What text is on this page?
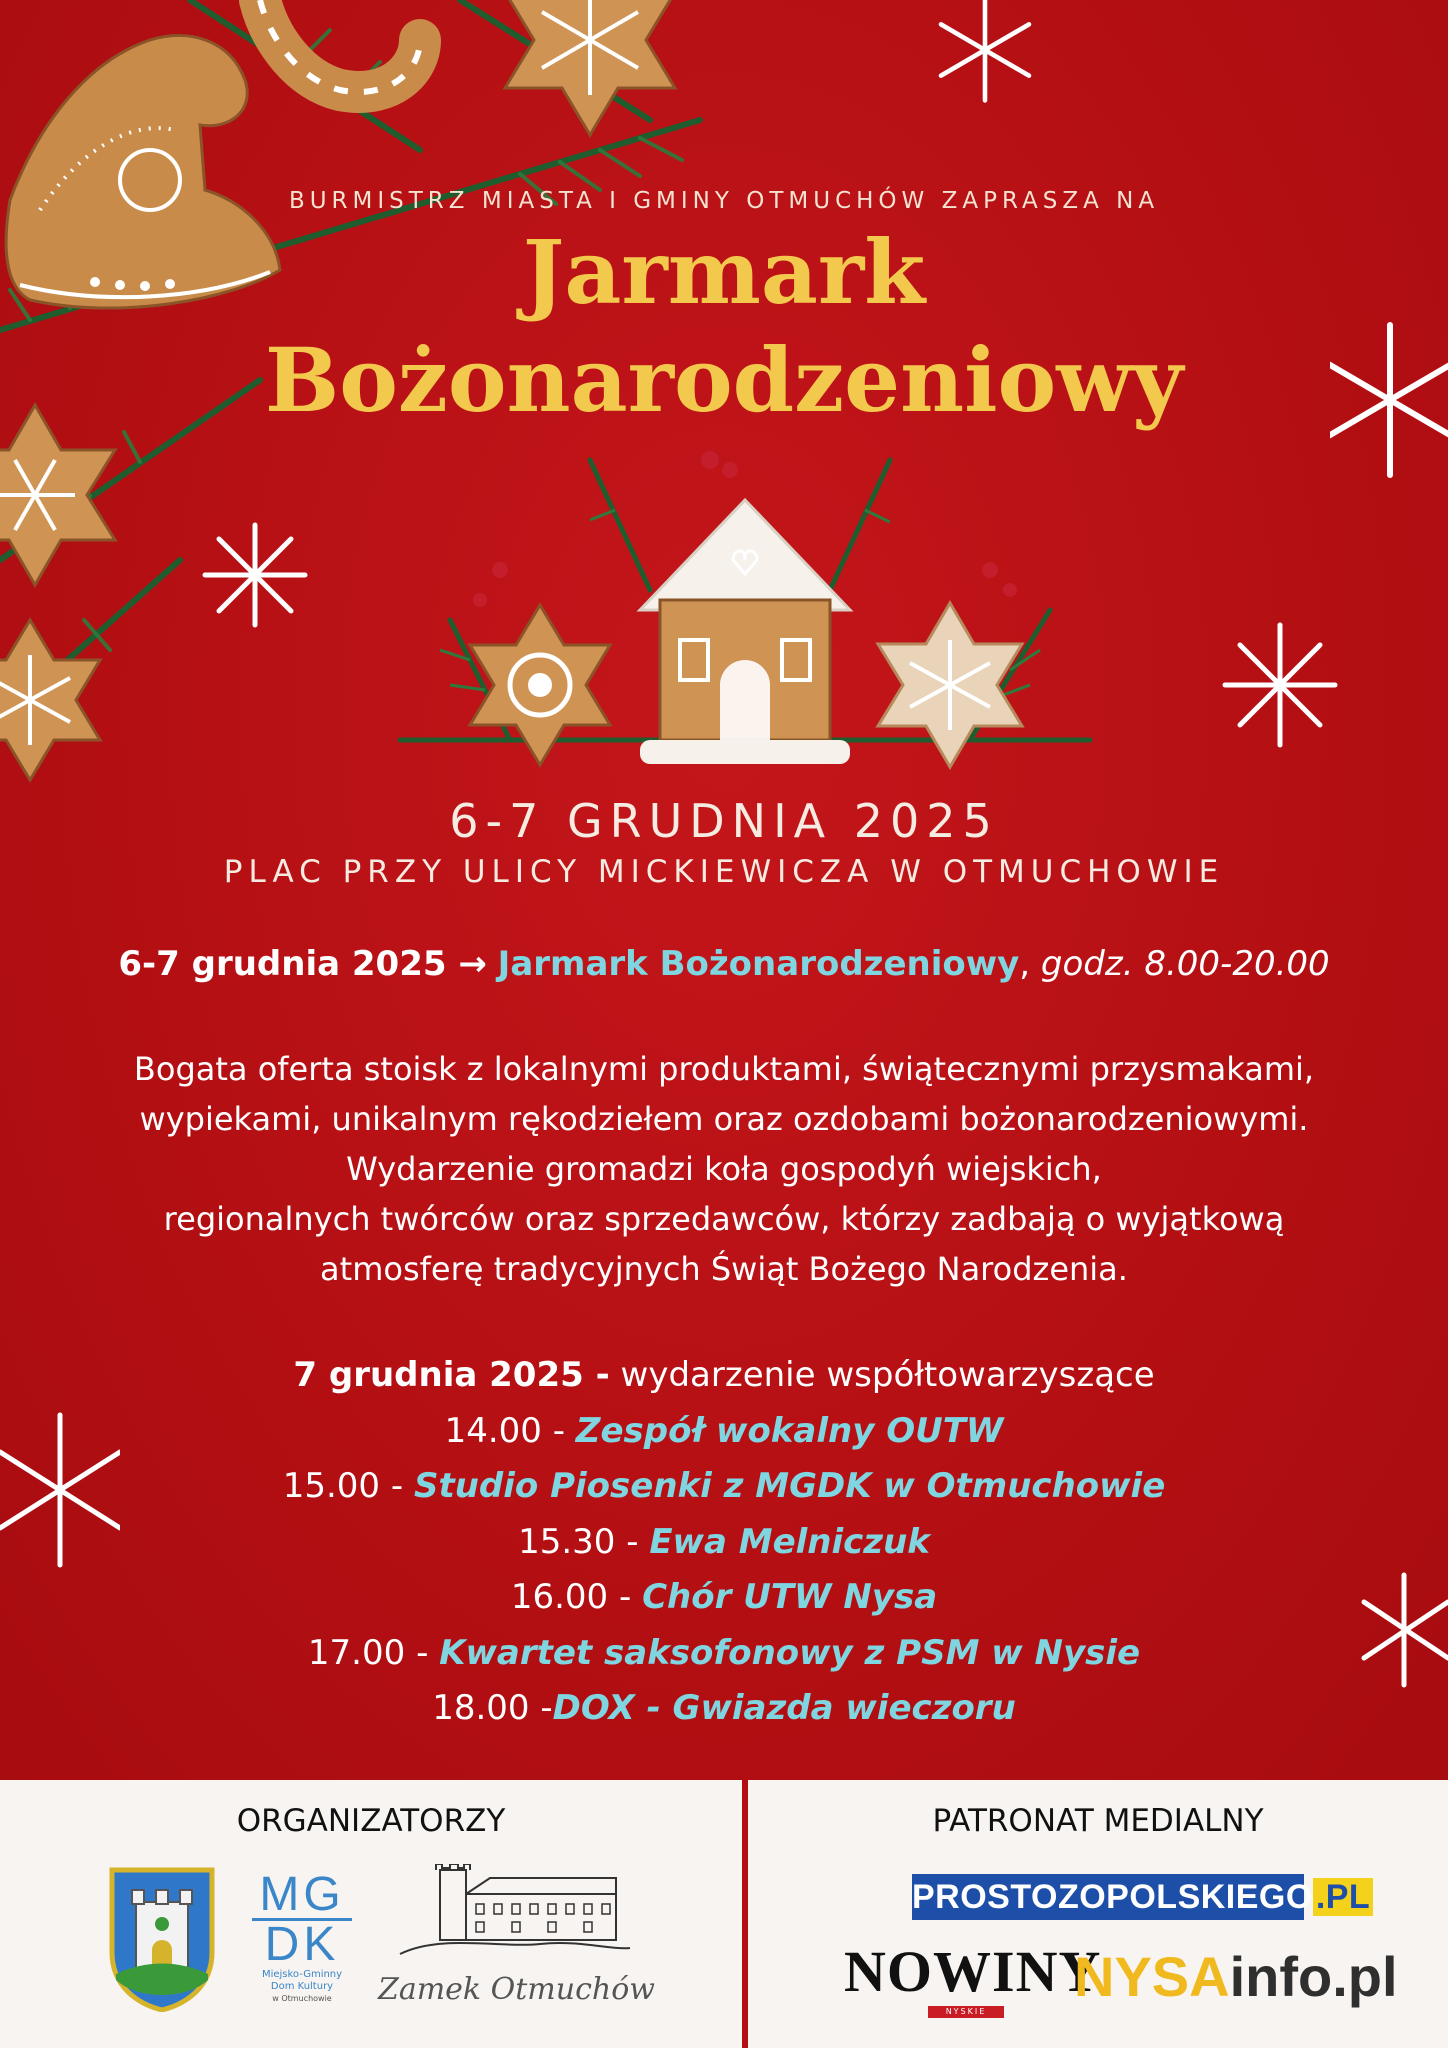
BURMISTRZ MIASTA I GMINY OTMUCHÓW ZAPRASZA NA
Jarmark
Bożonarodzeniowy
6-7 GRUDNIA 2025
PLAC PRZY ULICY MICKIEWICZA W OTMUCHOWIE
6-7 grudnia 2025 → Jarmark Bożonarodzeniowy, godz. 8.00-20.00
Bogata oferta stoisk z lokalnymi produktami, świątecznymi przysmakami,
wypiekami, unikalnym rękodziełem oraz ozdobami bożonarodzeniowymi.
Wydarzenie gromadzi koła gospodyń wiejskich,
regionalnych twórców oraz sprzedawców, którzy zadbają o wyjątkową
atmosferę tradycyjnych Świąt Bożego Narodzenia.
7 grudnia 2025 - wydarzenie współtowarzyszące
14.00 - Zespół wokalny OUTW
15.00 - Studio Piosenki z MGDK w Otmuchowie
15.30 - Ewa Melniczuk
16.00 - Chór UTW Nysa
17.00 - Kwartet saksofonowy z PSM w Nysie
18.00 -DOX - Gwiazda wieczoru
ORGANIZATORZY	PATRONAT MEDIALNY
MG
DK
Miejsko-Gminny
Dom Kultury
w Otmuchowie	Zamek Otmuchów
PROSTOZOPOLSKIEGO.PL
NOWINY
NYSKIE
NYSAinfo.pl
